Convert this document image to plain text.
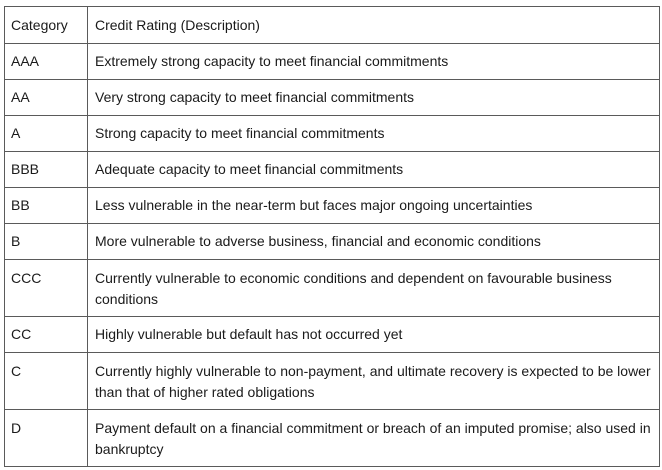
Category	Credit Rating (Description)
AAA	Extremely strong capacity to meet financial commitments
AA	Very strong capacity to meet financial commitments
A	Strong capacity to meet financial commitments
BBB	Adequate capacity to meet financial commitments
BB	Less vulnerable in the near-term but faces major ongoing uncertainties
B	More vulnerable to adverse business, financial and economic conditions
CCC	Currently vulnerable to economic conditions and dependent on favourable business conditions
CC	Highly vulnerable but default has not occurred yet
C	Currently highly vulnerable to non-payment, and ultimate recovery is expected to be lower than that of higher rated obligations
D	Payment default on a financial commitment or breach of an imputed promise; also used in bankruptcy
